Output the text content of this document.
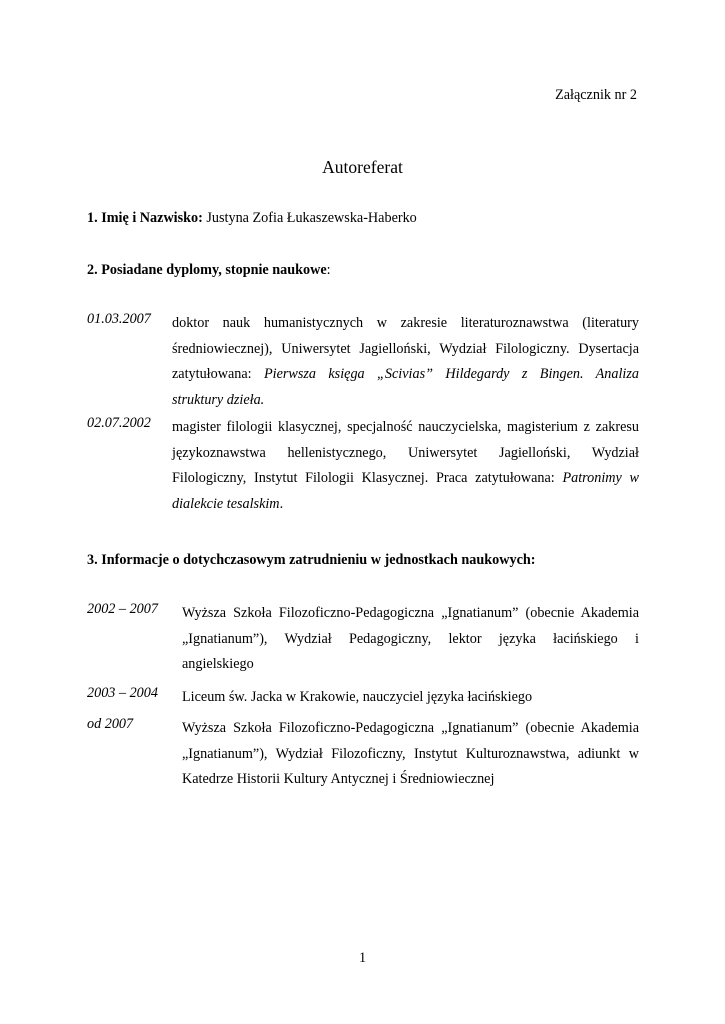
Załącznik nr 2
Autoreferat
1. Imię i Nazwisko: Justyna Zofia Łukaszewska-Haberko
2. Posiadane dyplomy, stopnie naukowe:
01.03.2007 doktor nauk humanistycznych w zakresie literaturoznawstwa (literatury
średniowiecznej), Uniwersytet Jagielloński, Wydział Filologiczny. Dysertacja
zatytułowana: Pierwsza księga „Scivias” Hildegardy z Bingen. Analiza
struktury dzieła.
02.07.2002 magister filologii klasycznej, specjalność nauczycielska, magisterium z zakresu
językoznawstwa hellenistycznego, Uniwersytet Jagielloński, Wydział
Filologiczny, Instytut Filologii Klasycznej. Praca zatytułowana: Patronimy w
dialekcie tesalskim.
3. Informacje o dotychczasowym zatrudnieniu w jednostkach naukowych:
2002 – 2007 Wyższa Szkoła Filozoficzno-Pedagogiczna „Ignatianum” (obecnie Akademia
„Ignatianum”), Wydział Pedagogiczny, lektor języka łacińskiego i
angielskiego
2003 – 2004 Liceum św. Jacka w Krakowie, nauczyciel języka łacińskiego
od 2007	Wyższa Szkoła Filozoficzno-Pedagogiczna „Ignatianum” (obecnie Akademia
„Ignatianum”), Wydział Filozoficzny, Instytut Kulturoznawstwa, adiunkt w
Katedrze Historii Kultury Antycznej i Średniowiecznej
1
